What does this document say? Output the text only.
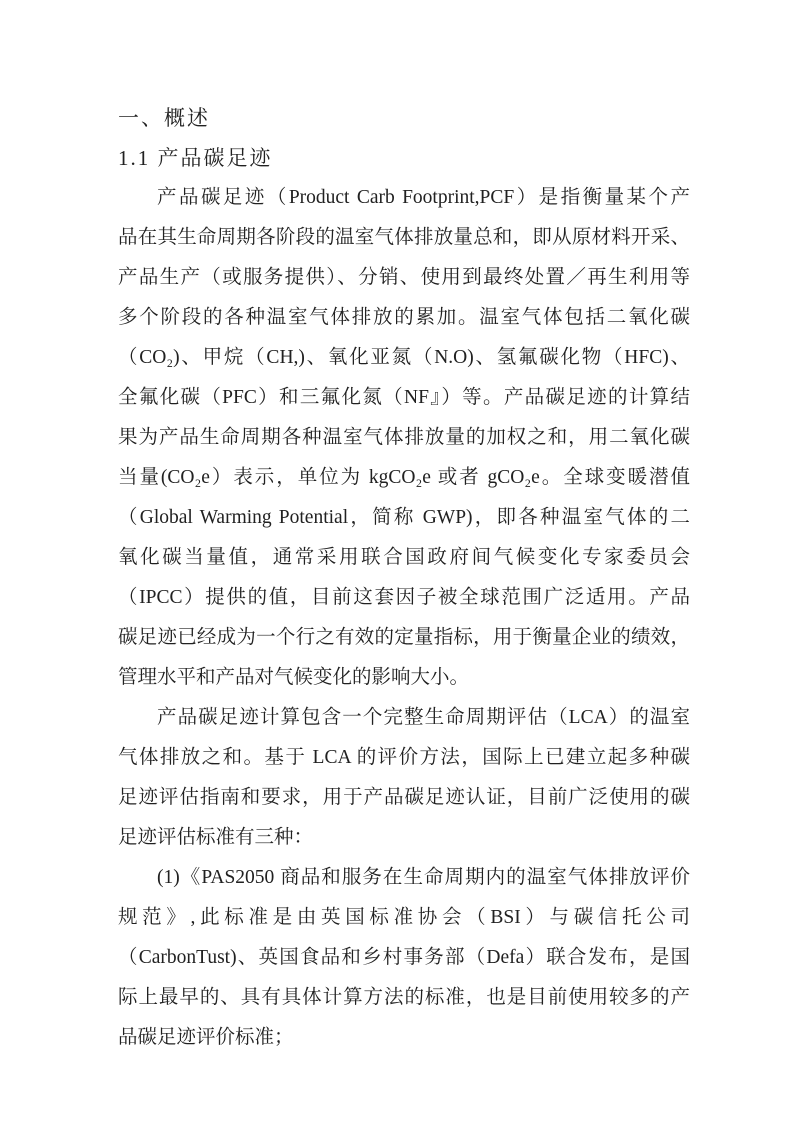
一、概述
1.1 产品碳足迹
产品碳足迹（Product Carb Footprint,PCF）是指衡量某个产
品在其生命周期各阶段的温室气体排放量总和，即从原材料开采、
产品生产（或服务提供）、分销、使用到最终处置／再生利用等
多个阶段的各种温室气体排放的累加。温室气体包括二氧化碳
（CO₂)、甲烷（CH,)、氧化亚氮（N.O)、氢氟碳化物（HFC)、
全氟化碳（PFC）和三氟化氮（NF』）等。产品碳足迹的计算结
果为产品生命周期各种温室气体排放量的加权之和，用二氧化碳
当量(CO₂e）表示，单位为 kgCO₂e 或者 gCO₂e。全球变暖潜值
（Global Warming Potential，简称 GWP)，即各种温室气体的二
氧化碳当量值，通常采用联合国政府间气候变化专家委员会
（IPCC）提供的值，目前这套因子被全球范围广泛适用。产品
碳足迹已经成为一个行之有效的定量指标，用于衡量企业的绩效，
管理水平和产品对气候变化的影响大小。
产品碳足迹计算包含一个完整生命周期评估（LCA）的温室
气体排放之和。基于 LCA 的评价方法，国际上已建立起多种碳
足迹评估指南和要求，用于产品碳足迹认证，目前广泛使用的碳
足迹评估标准有三种：
(1)《PAS2050 商品和服务在生命周期内的温室气体排放评价
规范》,此标准是由英国标准协会（BSI）与碳信托公司
（CarbonTust)、英国食品和乡村事务部（Defa）联合发布，是国
际上最早的、具有具体计算方法的标准，也是目前使用较多的产
品碳足迹评价标准；
